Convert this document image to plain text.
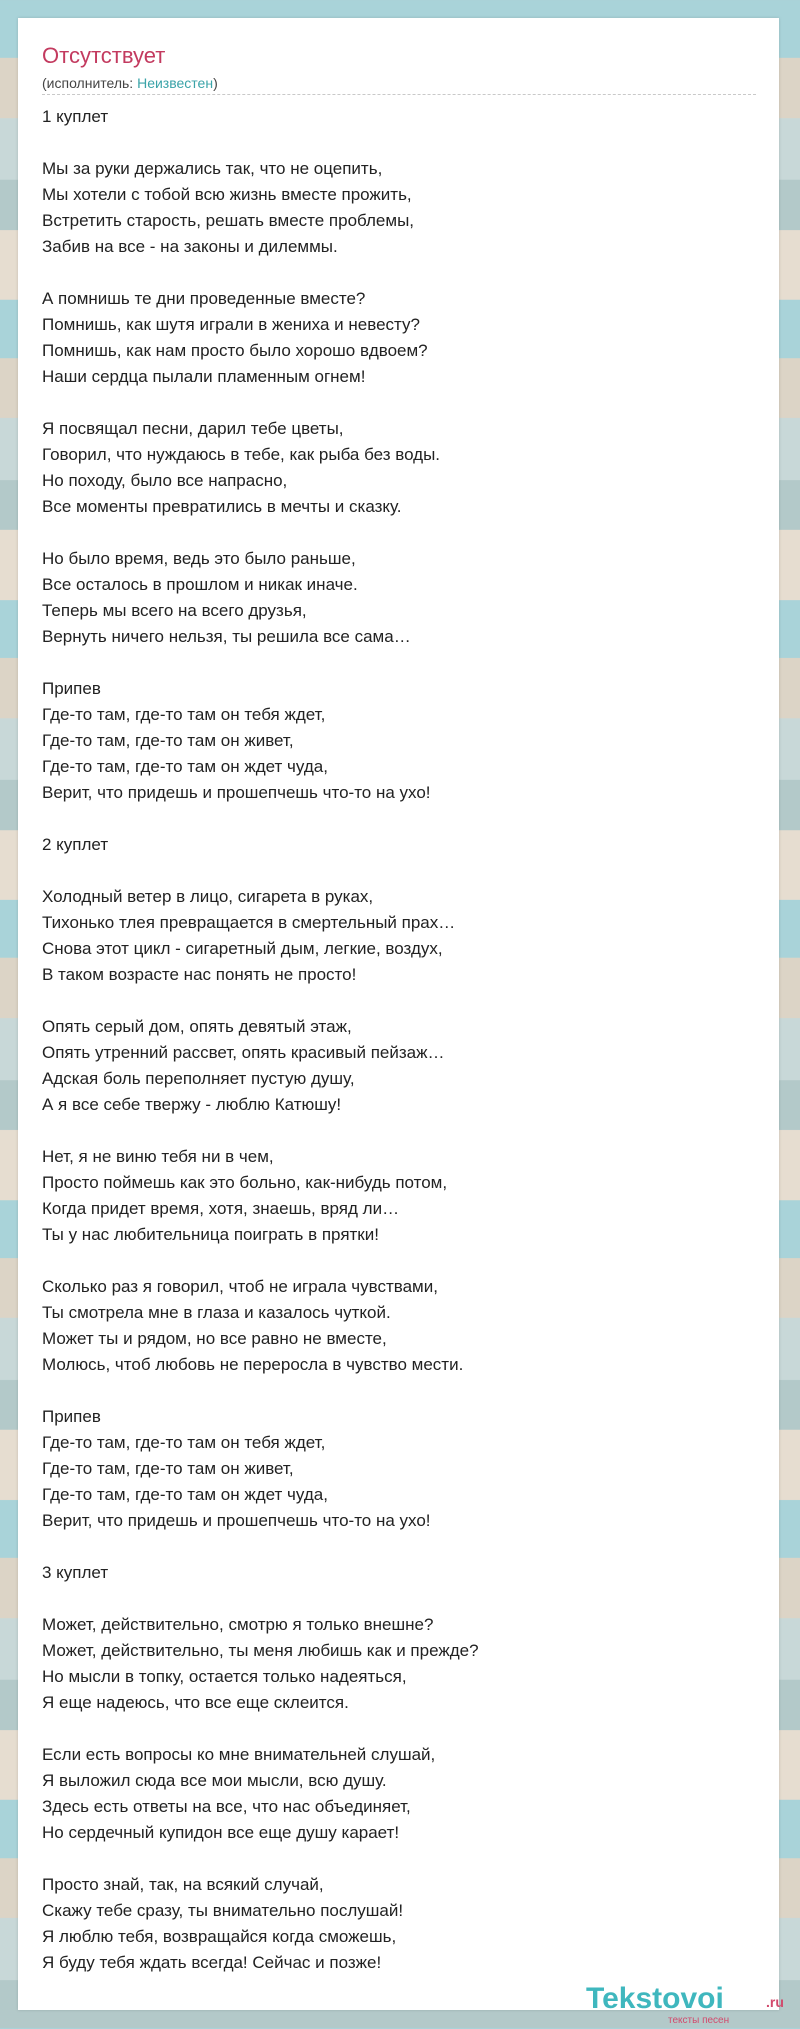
Отсутствует
(исполнитель: Неизвестен)
1 куплет
Мы за руки держались так, что не оцепить,
Мы хотели с тобой всю жизнь вместе прожить,
Встретить старость, решать вместе проблемы,
Забив на все - на законы и дилеммы.
А помнишь те дни проведенные вместе?
Помнишь, как шутя играли в жениха и невесту?
Помнишь, как нам просто было хорошо вдвоем?
Наши сердца пылали пламенным огнем!
Я посвящал песни, дарил тебе цветы,
Говорил, что нуждаюсь в тебе, как рыба без воды.
Но походу, было все напрасно,
Все моменты превратились в мечты и сказку.
Но было время, ведь это было раньше,
Все осталось в прошлом и никак иначе.
Теперь мы всего на всего друзья,
Вернуть ничего нельзя, ты решила все сама…
Припев
Где-то там, где-то там он тебя ждет,
Где-то там, где-то там он живет,
Где-то там, где-то там он ждет чуда,
Верит, что придешь и прошепчешь что-то на ухо!
2 куплет
Холодный ветер в лицо, сигарета в руках,
Тихонько тлея превращается в смертельный прах…
Снова этот цикл - сигаретный дым, легкие, воздух,
В таком возрасте нас понять не просто!
Опять серый дом, опять девятый этаж,
Опять утренний рассвет, опять красивый пейзаж…
Адская боль переполняет пустую душу,
А я все себе твержу - люблю Катюшу!
Нет, я не виню тебя ни в чем,
Просто поймешь как это больно, как-нибудь потом,
Когда придет время, хотя, знаешь, вряд ли…
Ты у нас любительница поиграть в прятки!
Сколько раз я говорил, чтоб не играла чувствами,
Ты смотрела мне в глаза и казалось чуткой.
Может ты и рядом, но все равно не вместе,
Молюсь, чтоб любовь не переросла в чувство мести.
Припев
Где-то там, где-то там он тебя ждет,
Где-то там, где-то там он живет,
Где-то там, где-то там он ждет чуда,
Верит, что придешь и прошепчешь что-то на ухо!
3 куплет
Может, действительно, смотрю я только внешне?
Может, действительно, ты меня любишь как и прежде?
Но мысли в топку, остается только надеяться,
Я еще надеюсь, что все еще склеится.
Если есть вопросы ко мне внимательней слушай,
Я выложил сюда все мои мысли, всю душу.
Здесь есть ответы на все, что нас объединяет,
Но сердечный купидон все еще душу карает!
Просто знай, так, на всякий случай,
Скажу тебе сразу, ты внимательно послушай!
Я люблю тебя, возвращайся когда сможешь,
Я буду тебя ждать всегда! Сейчас и позже!
Tekstovoi	.ru
тексты песен
